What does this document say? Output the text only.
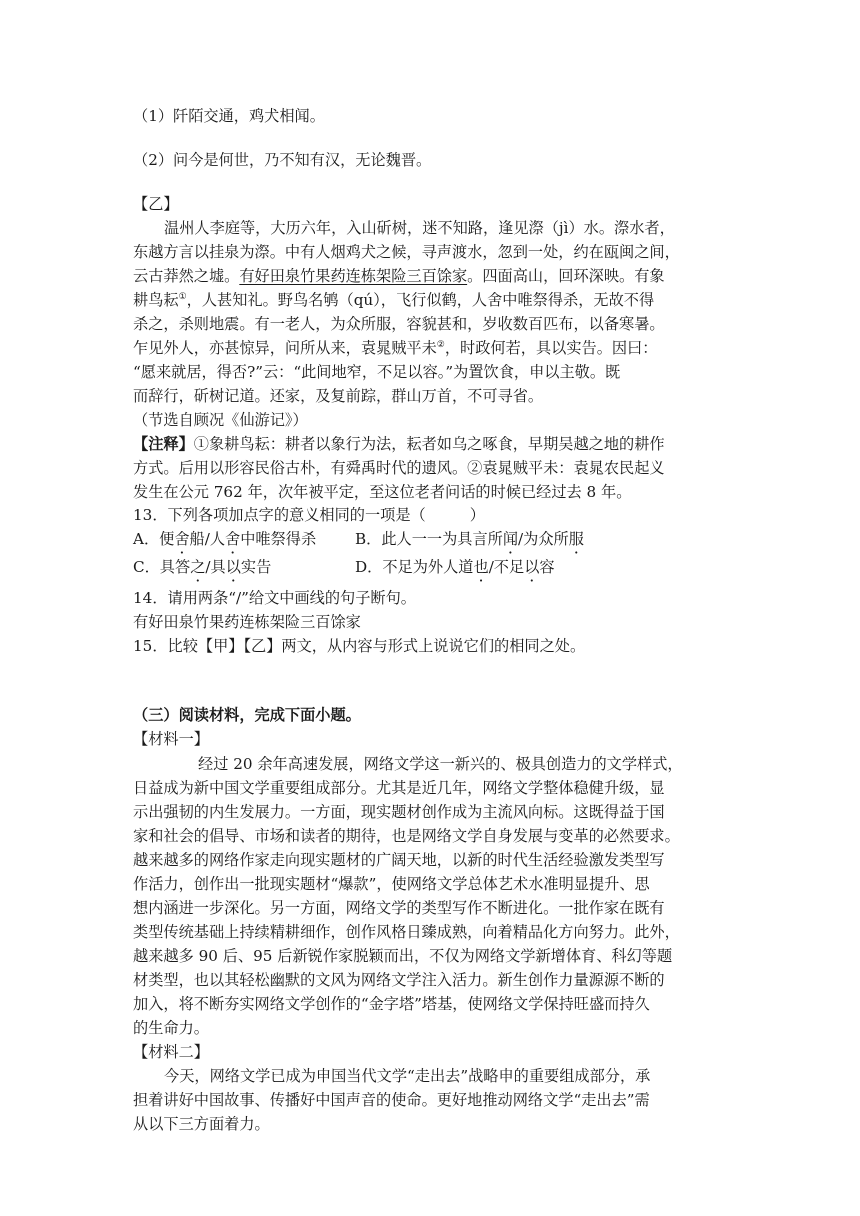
（1）阡陌交通，鸡犬相闻。
（2）问今是何世，乃不知有汉，无论魏晋。
【乙】
温州人李庭等，大历六年，入山斫树，迷不知路，逢见漈（jì）水。漈水者，
东越方言以挂泉为漈。中有人烟鸡犬之候，寻声渡水，忽到一处，约在瓯闽之间，
云古莽然之墟。有好田泉竹果药连栋架险三百馀家。四面高山，回环深映。有象
耕鸟耘①，人甚知礼。野鸟名鸲（qú），飞行似鹤，人舍中唯祭得杀，无故不得
杀之，杀则地震。有一老人，为众所服，容貌甚和，岁收数百匹布，以备寒暑。
乍见外人，亦甚惊异，问所从来，袁晁贼平未②，时政何若，具以实告。因曰：
“愿来就居，得否?”云：“此间地窄，不足以容。”为置饮食，申以主敬。既
而辞行，斫树记道。还家，及复前踪，群山万首，不可寻省。
（节选自顾况《仙游记》）
【注释】①象耕鸟耘：耕者以象行为法，耘者如乌之啄食，早期吴越之地的耕作
方式。后用以形容民俗古朴，有舜禹时代的遗风。②袁晁贼平未：袁晁农民起义
发生在公元 762 年，次年被平定，至这位老者问话的时候已经过去 8 年。
13．下列各项加点字的意义相同的一项是（	）
A．便舍船/人舍中唯祭得杀	B．此人一一为具言所闻/为众所服
C．具答之/具以实告	D．不足为外人道也/不足以容
14．请用两条“/”给文中画线的句子断句。
有好田泉竹果药连栋架险三百馀家
15．比较【甲】【乙】两文，从内容与形式上说说它们的相同之处。
（三）阅读材料，完成下面小题。
【材料一】
经过 20 余年高速发展，网络文学这一新兴的、极具创造力的文学样式，
日益成为新中国文学重要组成部分。尤其是近几年，网络文学整体稳健升级，显
示出强韧的内生发展力。一方面，现实题材创作成为主流风向标。这既得益于国
家和社会的倡导、市场和读者的期待，也是网络文学自身发展与变革的必然要求。
越来越多的网络作家走向现实题材的广阔天地，以新的时代生活经验激发类型写
作活力，创作出一批现实题材“爆款”，使网络文学总体艺术水准明显提升、思
想内涵进一步深化。另一方面，网络文学的类型写作不断进化。一批作家在既有
类型传统基础上持续精耕细作，创作风格日臻成熟，向着精品化方向努力。此外，
越来越多 90 后、95 后新锐作家脱颖而出，不仅为网络文学新增体育、科幻等题
材类型，也以其轻松幽默的文风为网络文学注入活力。新生创作力量源源不断的
加入，将不断夯实网络文学创作的“金字塔”塔基，使网络文学保持旺盛而持久
的生命力。
【材料二】
今天，网络文学已成为申国当代文学“走出去”战略申的重要组成部分，承
担着讲好中国故事、传播好中国声音的使命。更好地推动网络文学“走出去”需
从以下三方面着力。
